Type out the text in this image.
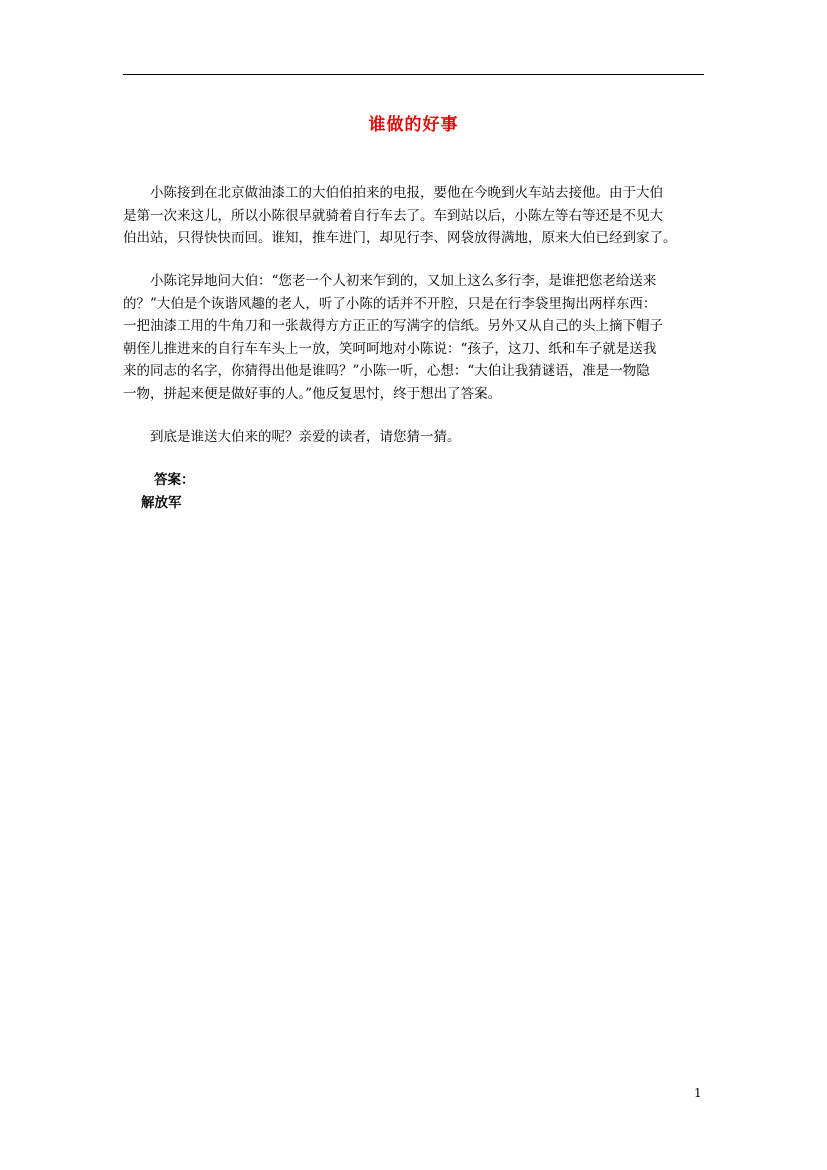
谁做的好事
　　小陈接到在北京做油漆工的大伯伯拍来的电报，要他在今晚到火车站去接他。由于大伯
是第一次来这儿，所以小陈很早就骑着自行车去了。车到站以后，小陈左等右等还是不见大
伯出站，只得快快而回。谁知，推车进门，却见行李、网袋放得满地，原来大伯已经到家了。
　　小陈诧异地问大伯：“您老一个人初来乍到的，又加上这么多行李，是谁把您老给送来
的？”大伯是个诙谐风趣的老人，听了小陈的话并不开腔，只是在行李袋里掏出两样东西：
一把油漆工用的牛角刀和一张裁得方方正正的写满字的信纸。另外又从自己的头上摘下帽子
朝侄儿推进来的自行车车头上一放，笑呵呵地对小陈说：“孩子，这刀、纸和车子就是送我
来的同志的名字，你猜得出他是谁吗？”小陈一听，心想：“大伯让我猜谜语，准是一物隐
一物，拼起来便是做好事的人。”他反复思忖，终于想出了答案。
　　到底是谁送大伯来的呢？亲爱的读者，请您猜一猜。
答案：
解放军
1
